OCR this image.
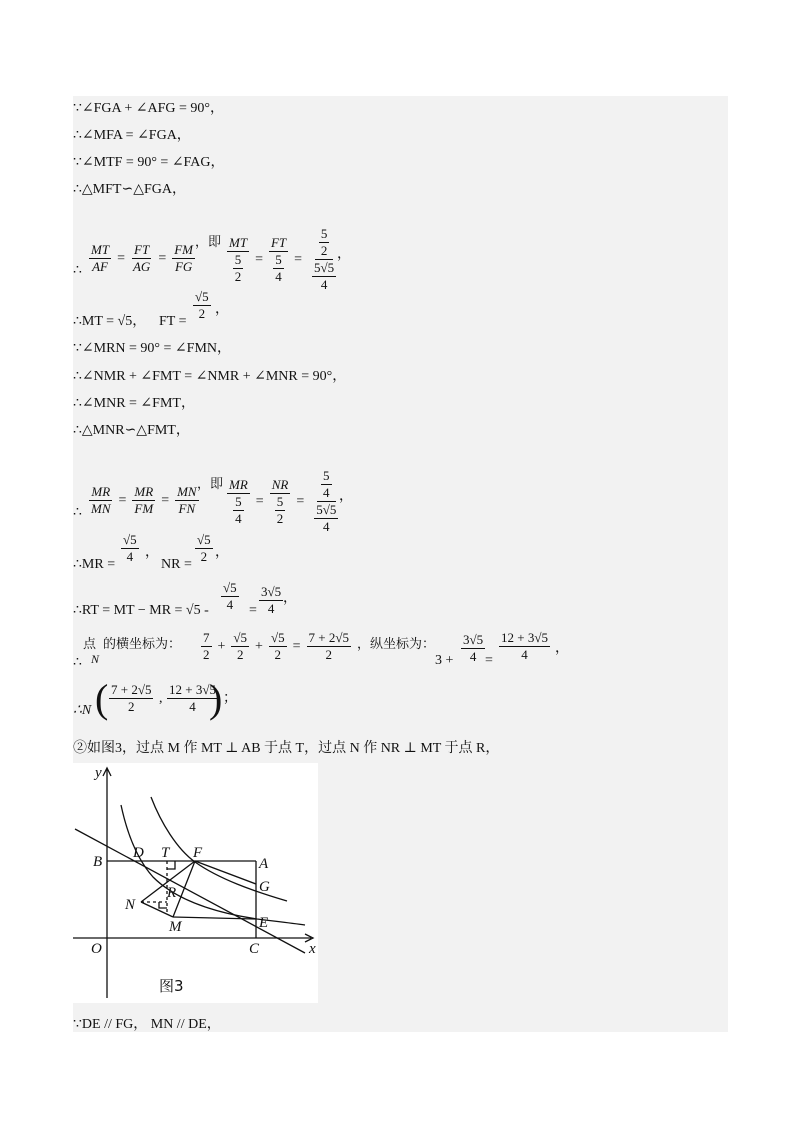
∵∠FGA + ∠AFG = 90°，
∴∠MFA = ∠FGA，
∵∠MTF = 90° = ∠FAG，
∴△MFT∽△FGA，
∴ $\frac{MT}{AF} = \frac{FT}{AG} = \frac{FM}{FG}$ ，即 $\frac{MT}{\frac{5}{2}} = \frac{FT}{\frac{5}{4}} = \frac{\frac{5}{2}}{\frac{5√5}{4}}$
，
∴MT = √5， FT = $\frac{√5}{2}$ ，
∵∠MRN = 90° = ∠FMN，
∴∠NMR + ∠FMT = ∠NMR + ∠MNR = 90°，
∴∠MNR = ∠FMT，
∴△MNR∽△FMT，
∴ $\frac{MR}{MN} = \frac{MR}{FM} = \frac{MN}{FN}$
，即 $\frac{MR}{\frac{5}{4}} = \frac{NR}{\frac{5}{2}} = \frac{\frac{5}{4}}{\frac{5√5}{4}}$
，
∴MR = $\frac{√5}{4}$ ，
NR = $\frac{√5}{2}$ ，
∴RT = MT − MR = $√5 - \frac{√5}{4} = \frac{3√5}{4}$ ，
∴
点
N
的横坐标为： $\frac{7}{2} + \frac{√5}{2} + \frac{√5}{2} = \frac{7 + 2√5}{2}$ ，纵坐标为：
$3 + \frac{3√5}{4} = \frac{12 + 3√5}{4}$ ，
∴N ( $\frac{7 + 2√5}{2}$ , $\frac{12 + 3√5}{4}$
) ；
②如图3，过点 M 作 MT ⊥ AB 于点 T，过点 N 作 NR ⊥ MT 于点 R，
y
x
O
B
D T F
A
G
R
N
M	E
C
图3
∵DE // FG， MN // DE，
